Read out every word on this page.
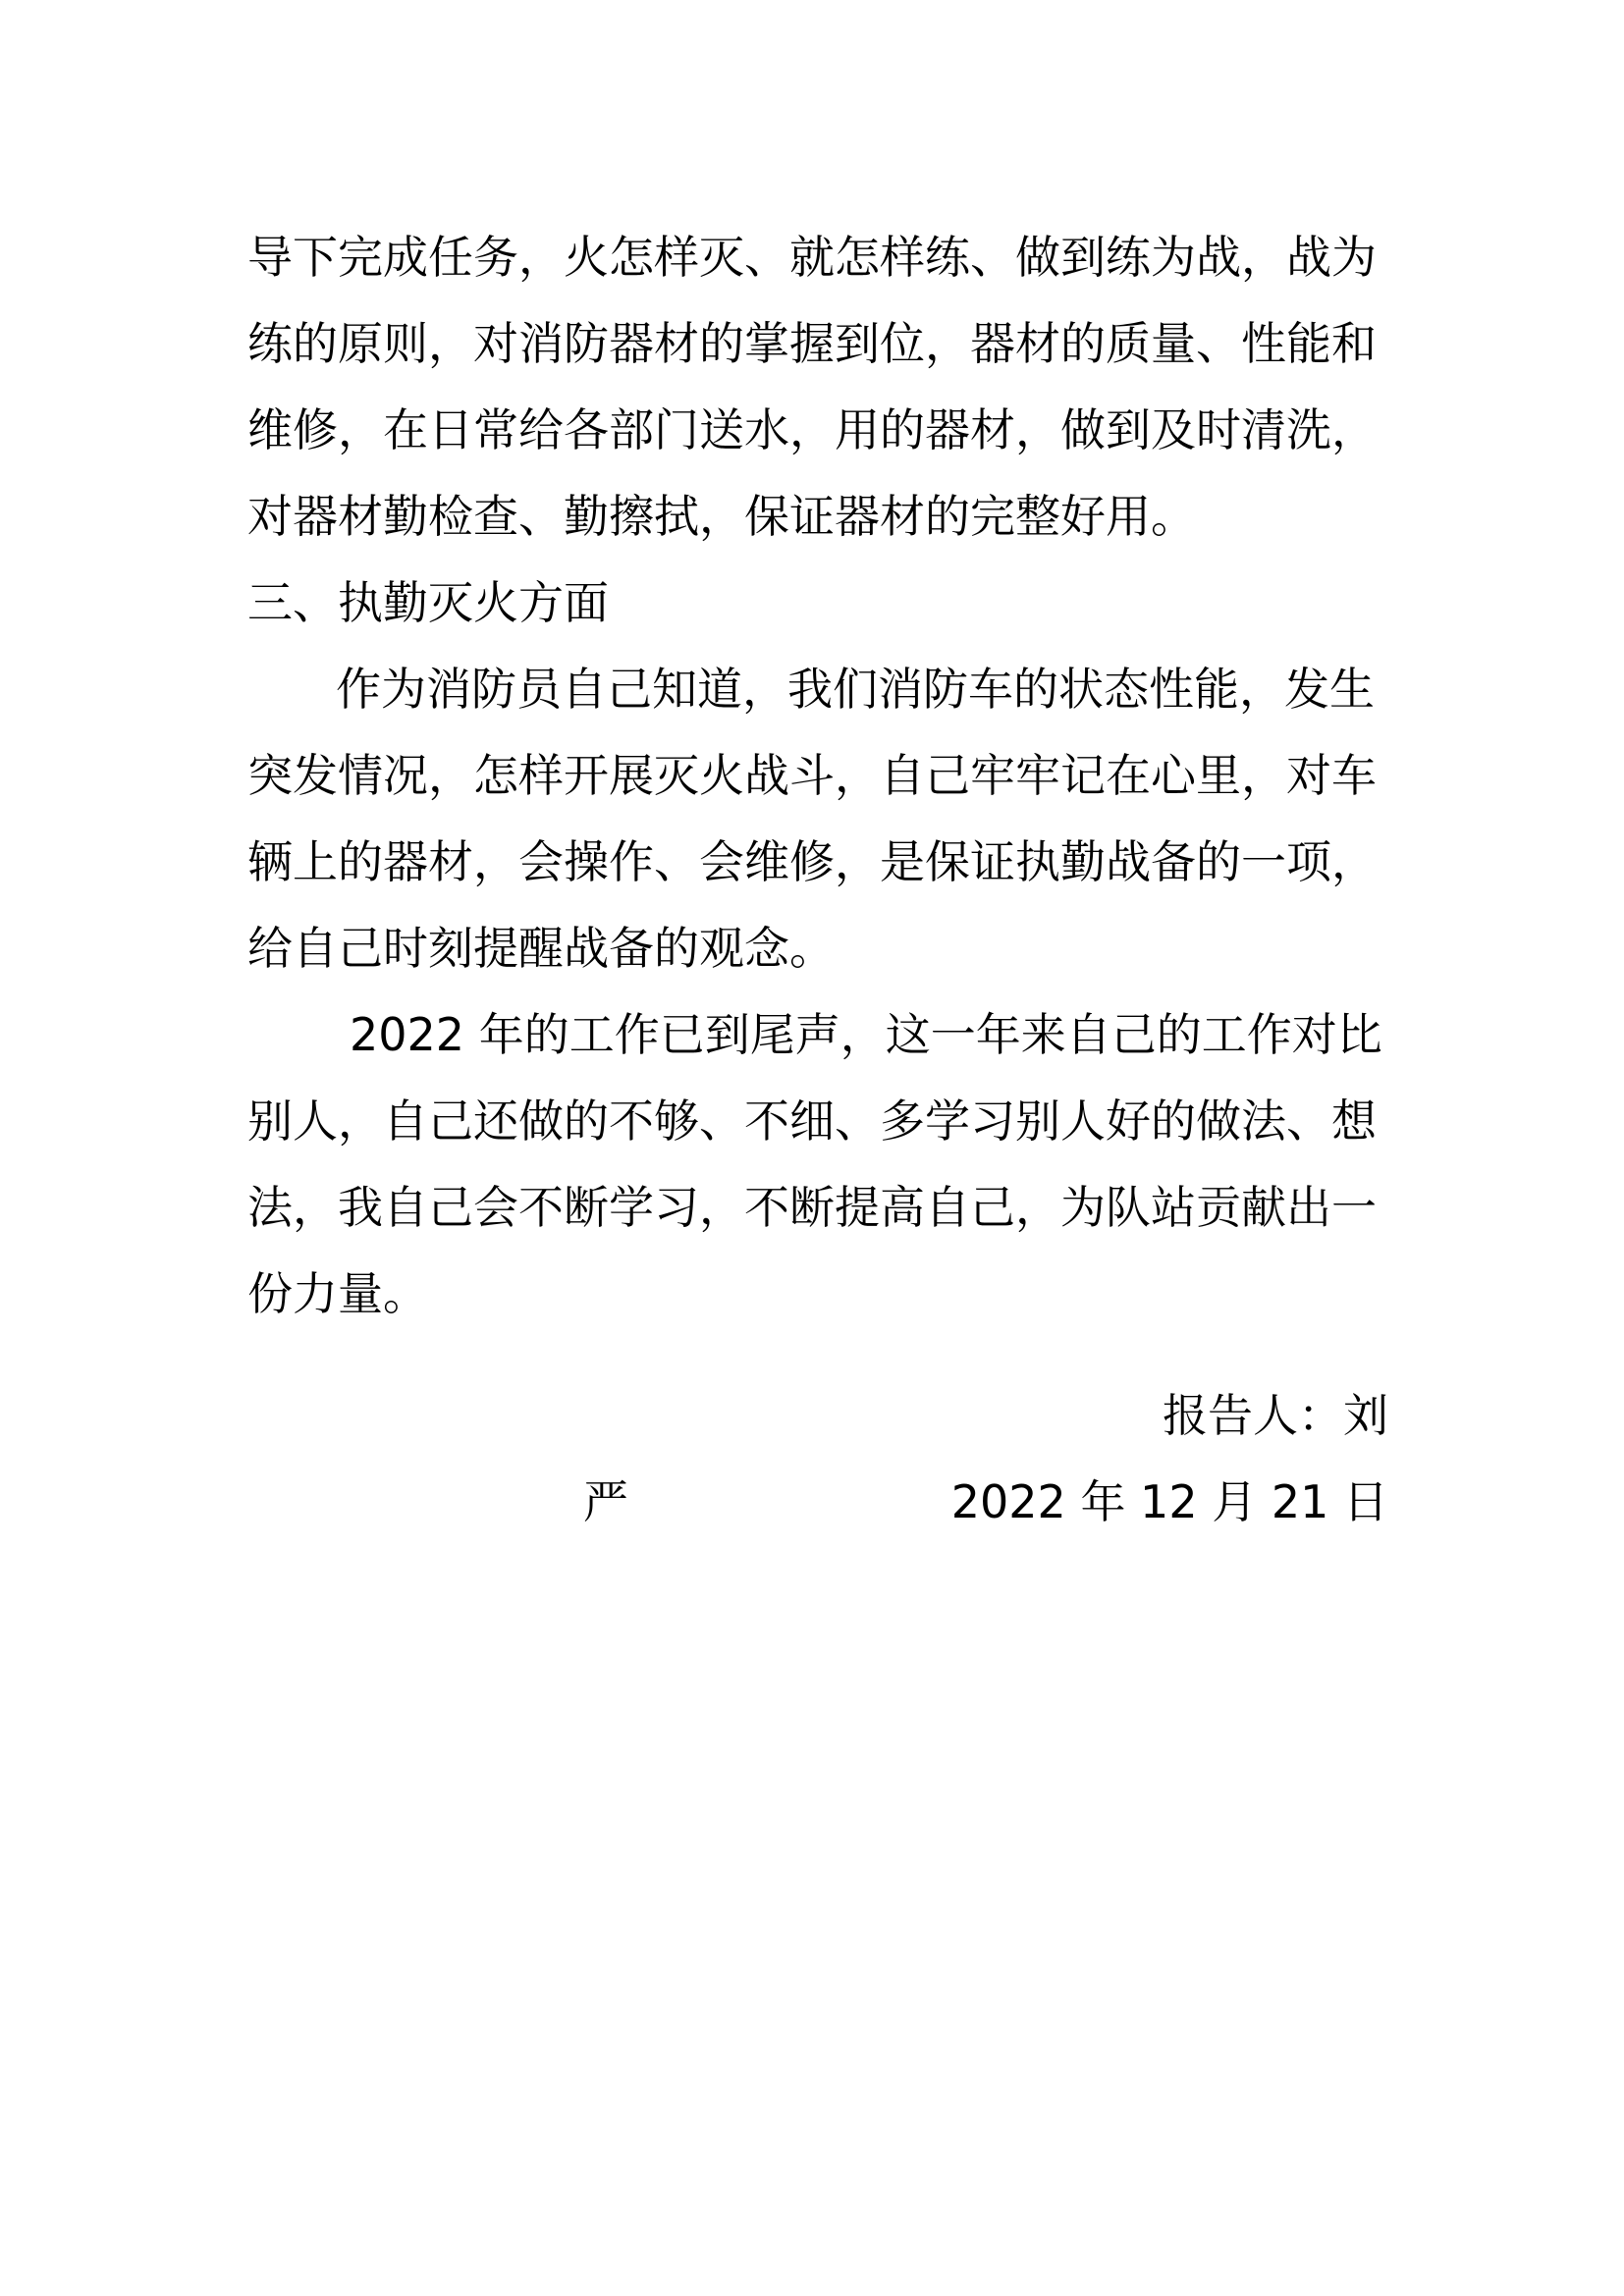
导下完成任务，火怎样灭、就怎样练、做到练为战，战为

练的原则，对消防器材的掌握到位，器材的质量、性能和

维修，在日常给各部门送水，用的器材，做到及时清洗，

对器材勤检查、勤擦拭，保证器材的完整好用。

三、执勤灭火方面

作为消防员自己知道，我们消防车的状态性能，发生

突发情况，怎样开展灭火战斗，自己牢牢记在心里，对车

辆上的器材，会操作、会维修，是保证执勤战备的一项，

给自己时刻提醒战备的观念。

2022 年的工作已到尾声，这一年来自己的工作对比

别人，自己还做的不够、不细、多学习别人好的做法、想

法，我自己会不断学习，不断提高自己，为队站贡献出一

份力量。

报告人：刘

严	2022 年 12 月 21 日
